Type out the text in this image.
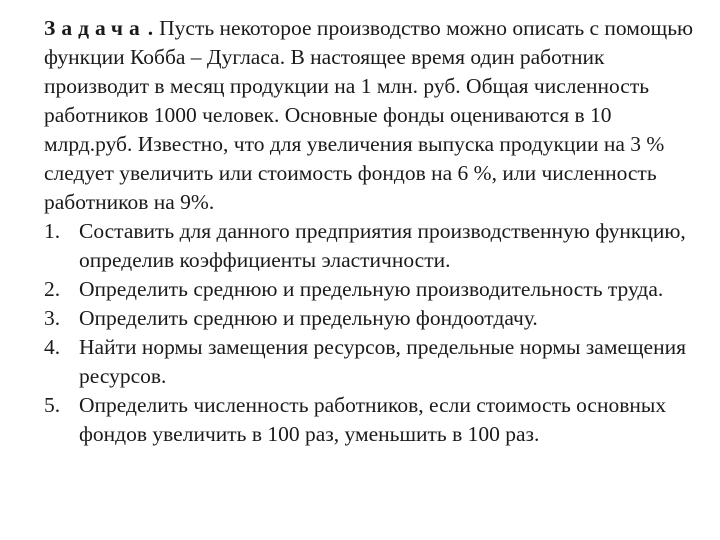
Задача. Пусть некоторое производство можно описать с помощью функции Кобба – Дугласа. В настоящее время один работник производит в месяц продукции на 1 млн. руб. Общая численность работников 1000 человек. Основные фонды оцениваются в 10 млрд.руб. Известно, что для увеличения выпуска продукции на 3 % следует увеличить или стоимость фондов на 6 %, или численность работников на 9%.

1. Составить для данного предприятия производственную функцию, определив коэффициенты эластичности.
2. Определить среднюю и предельную производительность труда.
3. Определить среднюю и предельную фондоотдачу.
4. Найти нормы замещения ресурсов, предельные нормы замещения ресурсов.
5. Определить численность работников, если стоимость основных фондов увеличить в 100 раз, уменьшить в 100 раз.
